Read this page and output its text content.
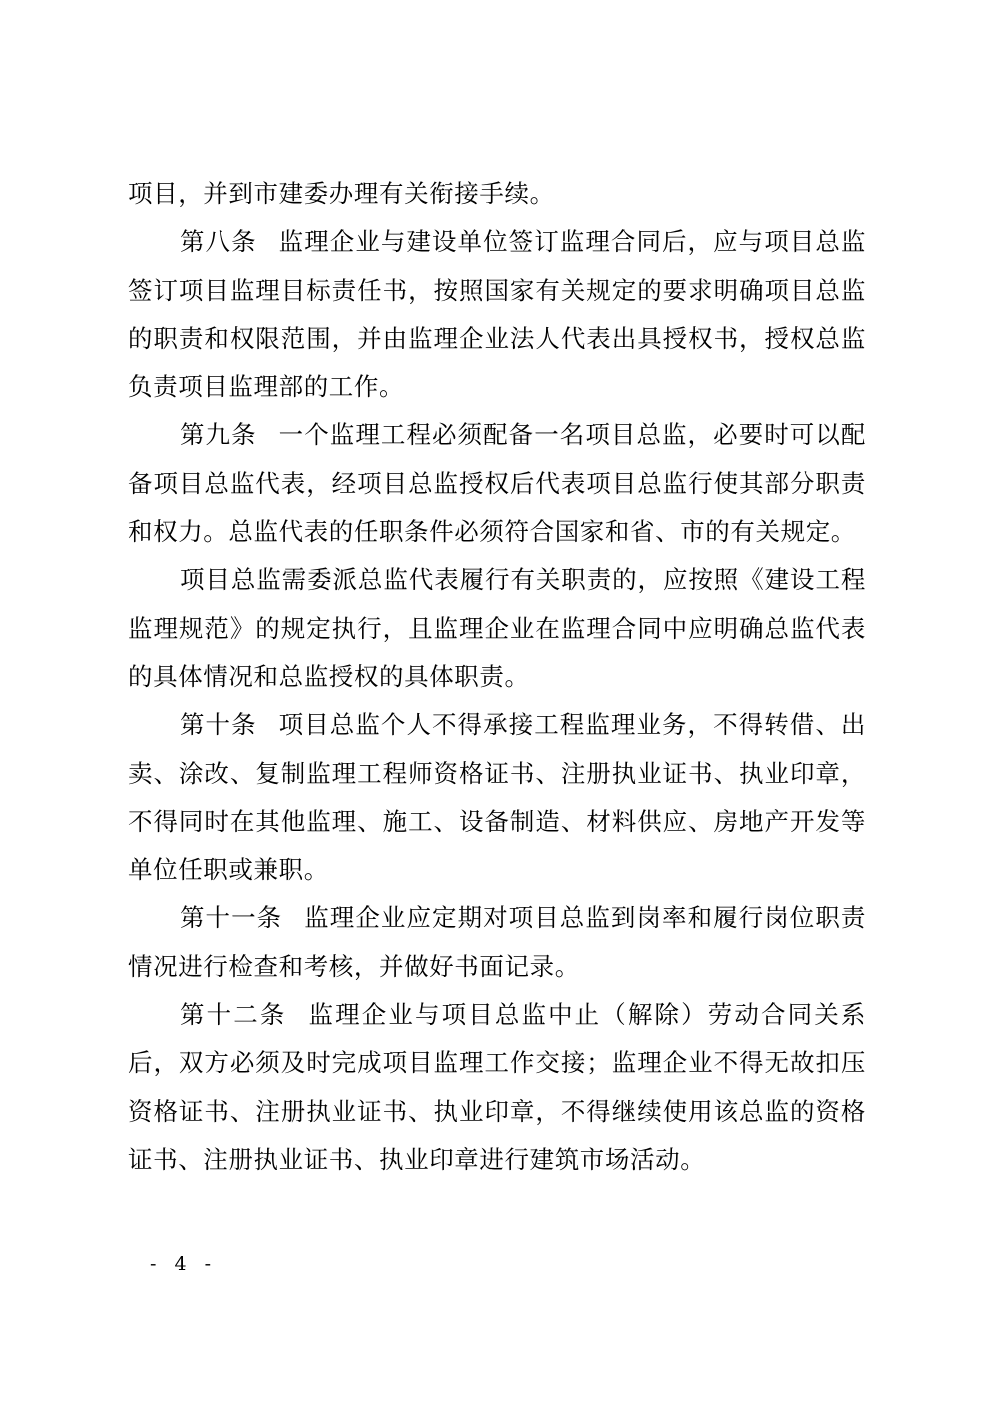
项目，并到市建委办理有关衔接手续。

第八条 监理企业与建设单位签订监理合同后，应与项目总监签订项目监理目标责任书，按照国家有关规定的要求明确项目总监的职责和权限范围，并由监理企业法人代表出具授权书，授权总监负责项目监理部的工作。

第九条 一个监理工程必须配备一名项目总监，必要时可以配备项目总监代表，经项目总监授权后代表项目总监行使其部分职责和权力。总监代表的任职条件必须符合国家和省、市的有关规定。

项目总监需委派总监代表履行有关职责的，应按照《建设工程监理规范》的规定执行，且监理企业在监理合同中应明确总监代表的具体情况和总监授权的具体职责。

第十条 项目总监个人不得承接工程监理业务，不得转借、出卖、涂改、复制监理工程师资格证书、注册执业证书、执业印章，不得同时在其他监理、施工、设备制造、材料供应、房地产开发等单位任职或兼职。

第十一条 监理企业应定期对项目总监到岗率和履行岗位职责情况进行检查和考核，并做好书面记录。

第十二条 监理企业与项目总监中止（解除）劳动合同关系后，双方必须及时完成项目监理工作交接；监理企业不得无故扣压资格证书、注册执业证书、执业印章，不得继续使用该总监的资格证书、注册执业证书、执业印章进行建筑市场活动。

- 4 -
